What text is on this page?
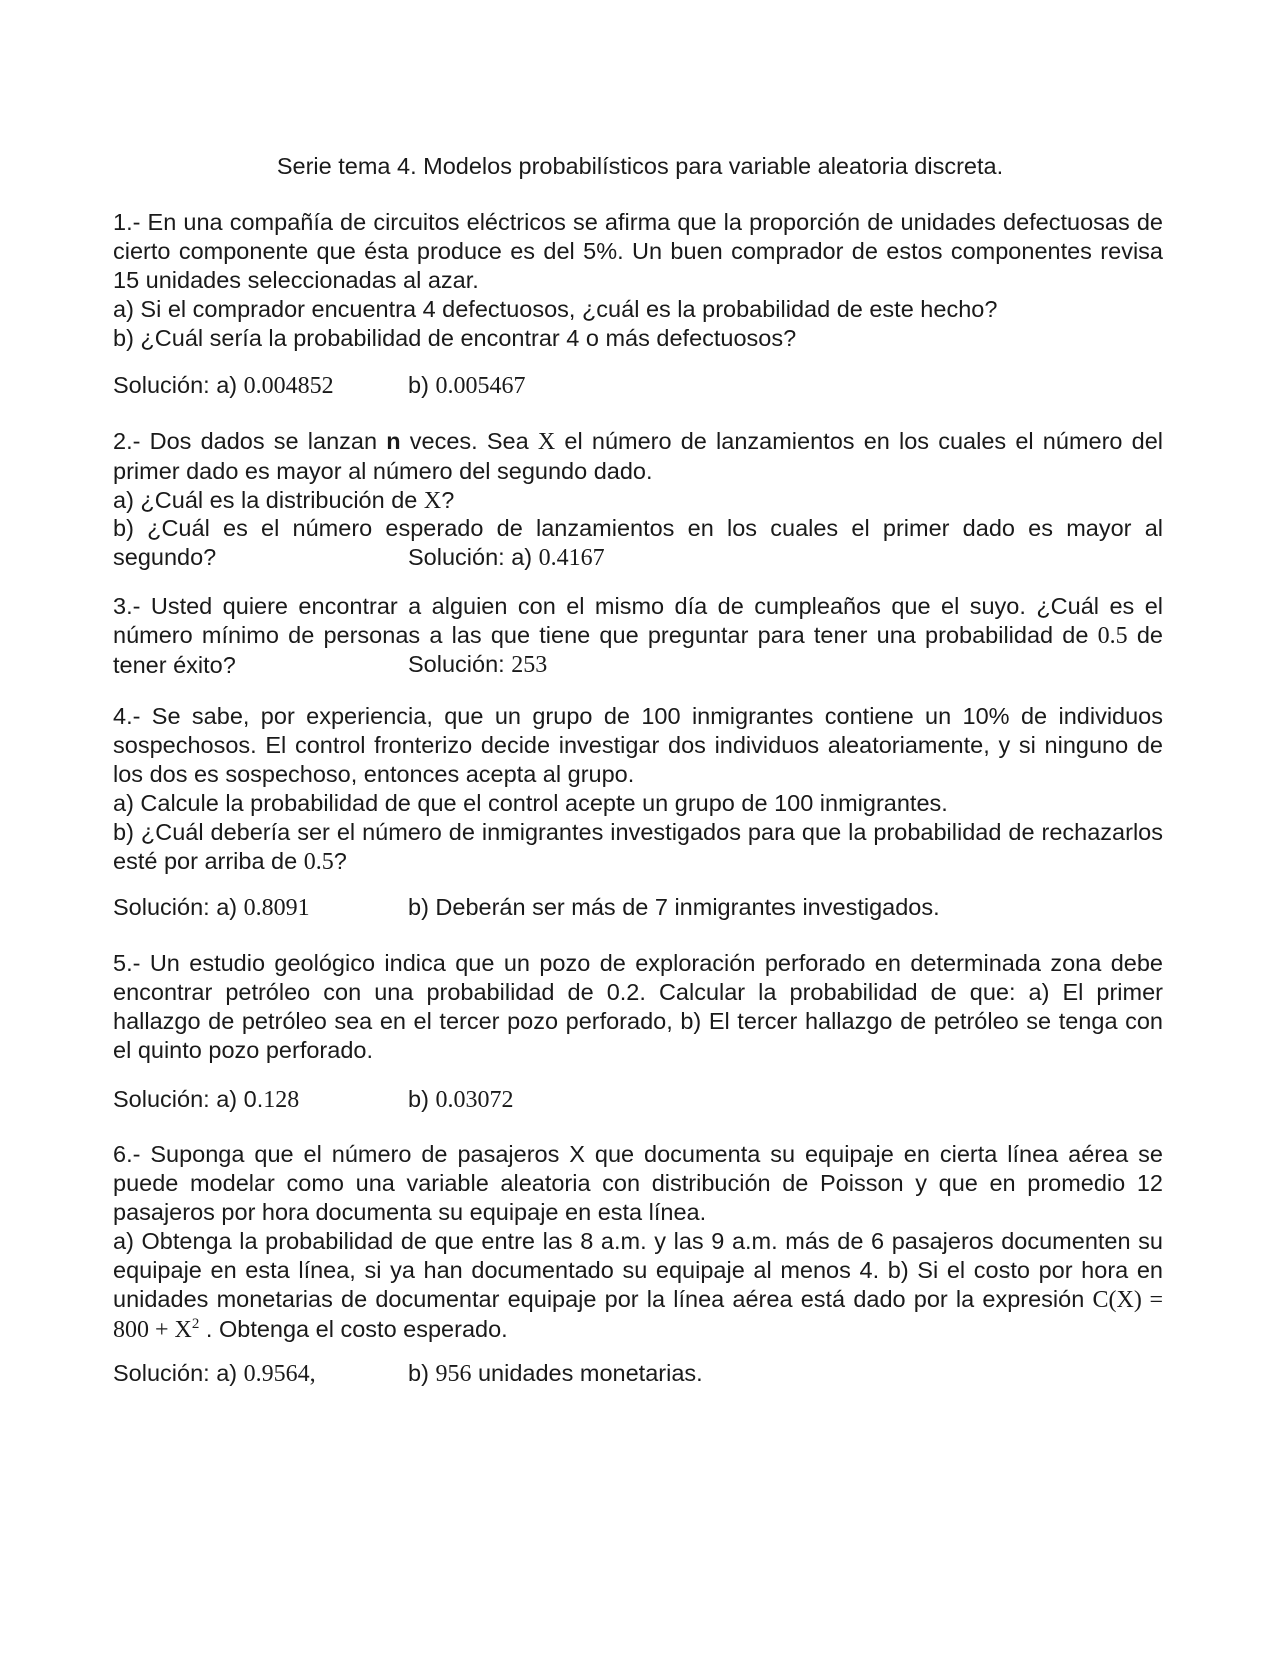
Serie tema 4. Modelos probabilísticos para variable aleatoria discreta.

1.- En una compañía de circuitos eléctricos se afirma que la proporción de unidades defectuosas de cierto componente que ésta produce es del 5%. Un buen comprador de estos componentes revisa 15 unidades seleccionadas al azar.

a) Si el comprador encuentra 4 defectuosos, ¿cuál es la probabilidad de este hecho?

b) ¿Cuál sería la probabilidad de encontrar 4 o más defectuosos?

Solución: a) 0.004852	b) 0.005467

2.- Dos dados se lanzan n veces. Sea X el número de lanzamientos en los cuales el número del primer dado es mayor al número del segundo dado.

a) ¿Cuál es la distribución de X?

b) ¿Cuál es el número esperado de lanzamientos en los cuales el primer dado es mayor al segundo?	Solución: a) 0.4167

3.- Usted quiere encontrar a alguien con el mismo día de cumpleaños que el suyo. ¿Cuál es el número mínimo de personas a las que tiene que preguntar para tener una probabilidad de 0.5 de tener éxito?	Solución: 253

4.- Se sabe, por experiencia, que un grupo de 100 inmigrantes contiene un 10% de individuos sospechosos. El control fronterizo decide investigar dos individuos aleatoriamente, y si ninguno de los dos es sospechoso, entonces acepta al grupo.

a) Calcule la probabilidad de que el control acepte un grupo de 100 inmigrantes.

b) ¿Cuál debería ser el número de inmigrantes investigados para que la probabilidad de rechazarlos esté por arriba de 0.5?

Solución: a) 0.8091	b) Deberán ser más de 7 inmigrantes investigados.

5.- Un estudio geológico indica que un pozo de exploración perforado en determinada zona debe encontrar petróleo con una probabilidad de 0.2. Calcular la probabilidad de que: a) El primer hallazgo de petróleo sea en el tercer pozo perforado, b) El tercer hallazgo de petróleo se tenga con el quinto pozo perforado.

Solución: a) 0.128	b) 0.03072

6.- Suponga que el número de pasajeros X que documenta su equipaje en cierta línea aérea se puede modelar como una variable aleatoria con distribución de Poisson y que en promedio 12 pasajeros por hora documenta su equipaje en esta línea.

a) Obtenga la probabilidad de que entre las 8 a.m. y las 9 a.m. más de 6 pasajeros documenten su equipaje en esta línea, si ya han documentado su equipaje al menos 4. b) Si el costo por hora en unidades monetarias de documentar equipaje por la línea aérea está dado por la expresión $C(X) = 800 + X^2$ . Obtenga el costo esperado.

Solución: a) 0.9564,	b) 956 unidades monetarias.
